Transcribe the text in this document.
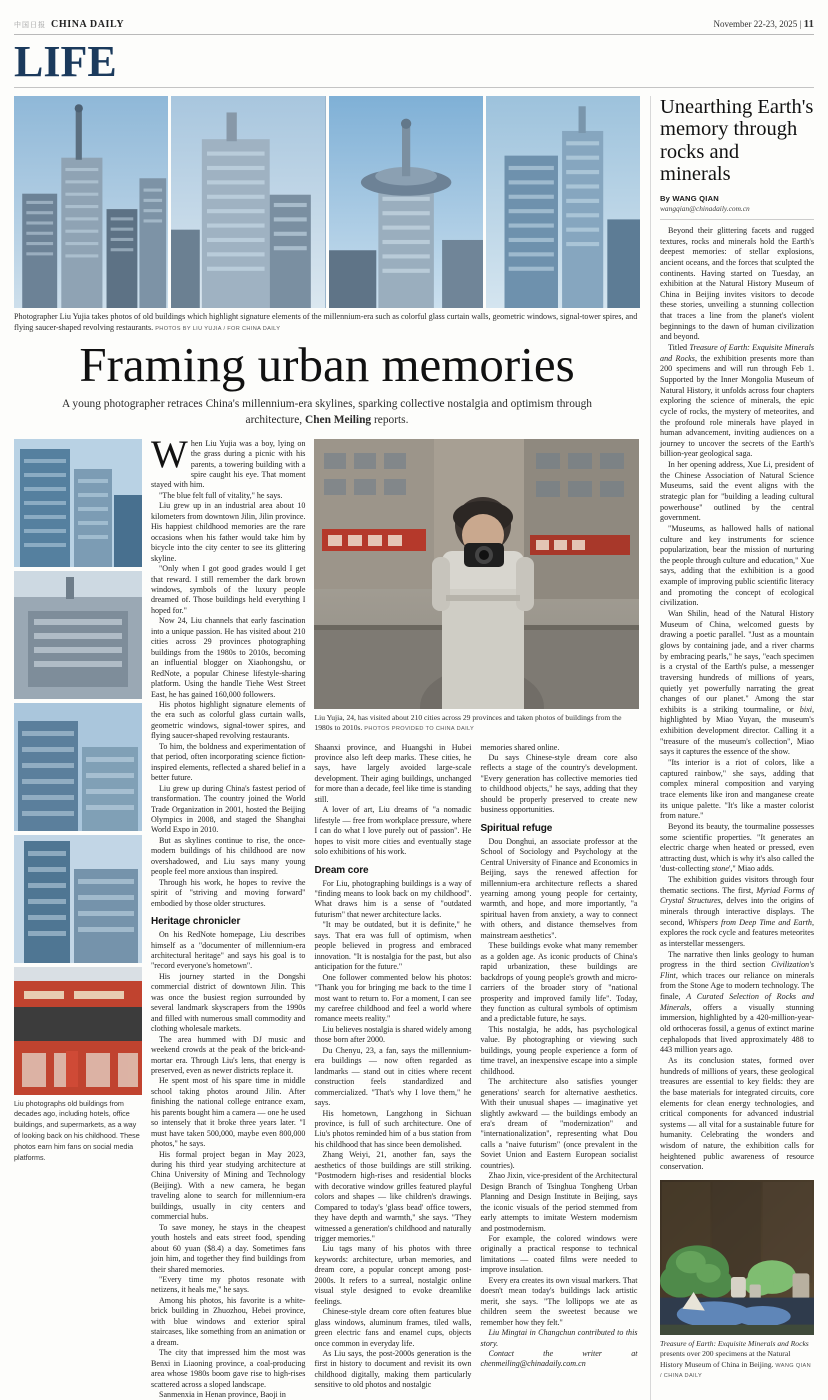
中国日报 CHINA DAILY	November 22-23, 2025 | 11
LIFE
Photographer Liu Yujia takes photos of old buildings which highlight signature elements of the millennium-era such as colorful glass curtain walls, geometric windows, signal-tower spires, and flying saucer-shaped revolving restaurants. PHOTOS BY LIU YUJIA / FOR CHINA DAILY
Framing urban memories
A young photographer retraces China's millennium-era skylines, sparking collective nostalgia and optimism through architecture, Chen Meiling reports.
Liu photographs old buildings from decades ago, including hotels, office buildings, and supermarkets, as a way of looking back on his childhood. These photos earn him fans on social media platforms.

When Liu Yujia was a boy, lying on the grass during a picnic with his parents, a towering building with a spire caught his eye. That moment stayed with him.

"The blue felt full of vitality," he says.

Liu grew up in an industrial area about 10 kilometers from downtown Jilin, Jilin province. His happiest childhood memories are the rare occasions when his father would take him by bicycle into the city center to see its glittering skyline.

"Only when I got good grades would I get that reward. I still remember the dark brown windows, symbols of the luxury people dreamed of. Those buildings held everything I hoped for."

Now 24, Liu channels that early fascination into a unique passion. He has visited about 210 cities across 29 provinces photographing buildings from the 1980s to 2010s, becoming an influential blogger on Xiaohongshu, or RedNote, a popular Chinese lifestyle-sharing platform. Using the handle Tiehe West Street East, he has gained 160,000 followers.

His photos highlight signature elements of the era such as colorful glass curtain walls, geometric windows, signal-tower spires, and flying saucer-shaped revolving restaurants.

To him, the boldness and experimentation of that period, often incorporating science fiction-inspired elements, reflected a shared belief in a better future.

Liu grew up during China's fastest period of transformation. The country joined the World Trade Organization in 2001, hosted the Beijing Olympics in 2008, and staged the Shanghai World Expo in 2010.

But as skylines continue to rise, the once-modern buildings of his childhood are now overshadowed, and Liu says many young people feel more anxious than inspired.

Through his work, he hopes to revive the spirit of "striving and moving forward" embodied by those older structures.

Heritage chronicler

On his RedNote homepage, Liu describes himself as a "documenter of millennium-era architectural heritage" and says his goal is to "record everyone's hometown".

His journey started in the Dongshi commercial district of downtown Jilin. This was once the busiest region surrounded by several landmark skyscrapers from the 1990s and filled with numerous small commodity and clothing wholesale markets.

The area hummed with DJ music and weekend crowds at the peak of the brick-and-mortar era. Through Liu's lens, that energy is preserved, even as newer districts replace it.

He spent most of his spare time in middle school taking photos around Jilin. After finishing the national college entrance exam, his parents bought him a camera — one he used so intensely that it broke three years later. "I must have taken 500,000, maybe even 800,000 photos," he says.

His formal project began in May 2023, during his third year studying architecture at China University of Mining and Technology (Beijing). With a new camera, he began traveling alone to search for millennium-era buildings, usually in city centers and commercial hubs.

To save money, he stays in the cheapest youth hostels and eats street food, spending about 60 yuan ($8.4) a day. Sometimes fans join him, and together they find buildings from their shared memories.

"Every time my photos resonate with netizens, it heals me," he says.

Among his photos, his favorite is a white-brick building in Zhuozhou, Hebei province, with blue windows and exterior spiral staircases, like something from an animation or a dream.

The city that impressed him the most was Benxi in Liaoning province, a coal-producing area whose 1980s boom gave rise to high-rises scattered across a sloped landscape.

Sanmenxia in Henan province, Baoji in

Liu Yujia, 24, has visited about 210 cities across 29 provinces and taken photos of buildings from the 1980s to 2010s. PHOTOS PROVIDED TO CHINA DAILY

Shaanxi province, and Huangshi in Hubei province also left deep marks. These cities, he says, have largely avoided large-scale development. Their aging buildings, unchanged for more than a decade, feel like time is standing still.

A lover of art, Liu dreams of "a nomadic lifestyle — free from workplace pressure, where I can do what I love purely out of passion". He hopes to visit more cities and eventually stage solo exhibitions of his work.

Dream core

For Liu, photographing buildings is a way of "finding means to look back on my childhood". What draws him is a sense of "outdated futurism" that newer architecture lacks.

"It may be outdated, but it is definite," he says. That era was full of optimism, when people believed in progress and embraced innovation. "It is nostalgia for the past, but also anticipation for the future."

One follower commented below his photos: "Thank you for bringing me back to the time I most want to return to. For a moment, I can see my carefree childhood and feel a world where romance meets reality."

Liu believes nostalgia is shared widely among those born after 2000.

Du Chenyu, 23, a fan, says the millennium-era buildings — now often regarded as landmarks — stand out in cities where recent construction feels standardized and commercialized. "That's why I love them," he says.

His hometown, Langzhong in Sichuan province, is full of such architecture. One of Liu's photos reminded him of a bus station from his childhood that has since been demolished.

Zhang Weiyi, 21, another fan, says the aesthetics of those buildings are still striking. "Postmodern high-rises and residential blocks with decorative window grilles featured playful colors and shapes — like children's drawings. Compared to today's 'glass bead' office towers, they have depth and warmth," she says. "They witnessed a generation's childhood and naturally trigger memories."

Liu tags many of his photos with three keywords: architecture, urban memories, and dream core, a popular concept among post-2000s. It refers to a surreal, nostalgic online visual style designed to evoke dreamlike feelings.

Chinese-style dream core often features blue glass windows, aluminum frames, tiled walls, green electric fans and enamel cups, objects once common in everyday life.

As Liu says, the post-2000s generation is the first in history to document and revisit its own childhood digitally, making them particularly sensitive to old photos and nostalgic

memories shared online.

Du says Chinese-style dream core also reflects a stage of the country's development. "Every generation has collective memories tied to childhood objects," he says, adding that they should be properly preserved to create new business opportunities.

Spiritual refuge

Dou Donghui, an associate professor at the School of Sociology and Psychology at the Central University of Finance and Economics in Beijing, says the renewed affection for millennium-era architecture reflects a shared yearning among young people for certainty, warmth, and hope, and more importantly, "a spiritual haven from anxiety, a way to connect with others, and distance themselves from mainstream aesthetics".

These buildings evoke what many remember as a golden age. As iconic products of China's rapid urbanization, these buildings are backdrops of young people's growth and micro-carriers of the broader story of "national prosperity and improved family life". Today, they function as cultural symbols of optimism and a predictable future, he says.

This nostalgia, he adds, has psychological value. By photographing or viewing such buildings, young people experience a form of time travel, an inexpensive escape into a simple childhood.

The architecture also satisfies younger generations' search for alternative aesthetics. With their unusual shapes — imaginative yet slightly awkward — the buildings embody an era's dream of "modernization" and "internationalization", representing what Dou calls a "naive futurism" (once prevalent in the Soviet Union and Eastern European socialist countries).

Zhao Jixin, vice-president of the Architectural Design Branch of Tsinghua Tongheng Urban Planning and Design Institute in Beijing, says the iconic visuals of the period stemmed from early attempts to imitate Western modernism and postmodernism.

For example, the colored windows were originally a practical response to technical limitations — coated films were needed to improve insulation.

Every era creates its own visual markers. That doesn't mean today's buildings lack artistic merit, she says. "The lollipops we ate as children seem the sweetest because we remember how they felt."

Liu Mingtai in Changchun contributed to this story.

Contact the writer at chenmeiling@chinadaily.com.cn

Unearthing Earth's memory through rocks and minerals
By WANG QIAN
wangqian@chinadaily.com.cn

Beyond their glittering facets and rugged textures, rocks and minerals hold the Earth's deepest memories: of stellar explosions, ancient oceans, and the forces that sculpted the continents. Having started on Tuesday, an exhibition at the Natural History Museum of China in Beijing invites visitors to decode these stories, unveiling a stunning collection that traces a line from the planet's violent beginnings to the dawn of human civilization and beyond.

Titled Treasure of Earth: Exquisite Minerals and Rocks, the exhibition presents more than 200 specimens and will run through Feb 1. Supported by the Inner Mongolia Museum of Natural History, it unfolds across four chapters exploring the science of minerals, the epic cycle of rocks, the mystery of meteorites, and the profound role minerals have played in human advancement, inviting audiences on a journey to uncover the secrets of the Earth's billion-year geological saga.

In her opening address, Xue Li, president of the Chinese Association of Natural Science Museums, said the event aligns with the strategic plan for "building a leading cultural powerhouse" outlined by the central government.

"Museums, as hallowed halls of national culture and key instruments for science popularization, bear the mission of nurturing the people through culture and education," Xue says, adding that the exhibition is a good example of improving public scientific literacy and promoting the concept of ecological civilization.

Wan Shilin, head of the Natural History Museum of China, welcomed guests by drawing a poetic parallel. "Just as a mountain glows by containing jade, and a river charms by embracing pearls," he says, "each specimen is a crystal of the Earth's pulse, a messenger traversing hundreds of millions of years, quietly yet powerfully narrating the great changes of our planet." Among the star exhibits is a striking tourmaline, or bixi, highlighted by Miao Yuyan, the museum's exhibition development director. Calling it a "treasure of the museum's collection", Miao says it captures the essence of the show.

"Its interior is a riot of colors, like a captured rainbow," she says, adding that complex mineral composition and varying trace elements like iron and manganese create its unique palette. "It's like a master colorist from nature."

Beyond its beauty, the tourmaline possesses some scientific properties. "It generates an electric charge when heated or pressed, even attracting dust, which is why it's also called the 'dust-collecting stone'," Miao adds.

The exhibition guides visitors through four thematic sections. The first, Myriad Forms of Crystal Structures, delves into the origins of minerals through interactive displays. The second, Whispers from Deep Time and Earth, explores the rock cycle and features meteorites as interstellar messengers.

The narrative then links geology to human progress in the third section Civilization's Flint, which traces our reliance on minerals from the Stone Age to modern technology. The finale, A Curated Selection of Rocks and Minerals, offers a visually stunning immersion, highlighted by a 420-million-year-old orthoceras fossil, a genus of extinct marine cephalopods that lived approximately 488 to 443 million years ago.

As its conclusion states, formed over hundreds of millions of years, these geological treasures are essential to key fields: they are the base materials for integrated circuits, core elements for clean energy technologies, and critical components for advanced industrial systems — all vital for a sustainable future for humanity. Celebrating the wonders and wisdom of nature, the exhibition calls for heightened public awareness of resource conservation.

Treasure of Earth: Exquisite Minerals and Rocks presents over 200 specimens at the Natural History Museum of China in Beijing. WANG QIAN / CHINA DAILY
